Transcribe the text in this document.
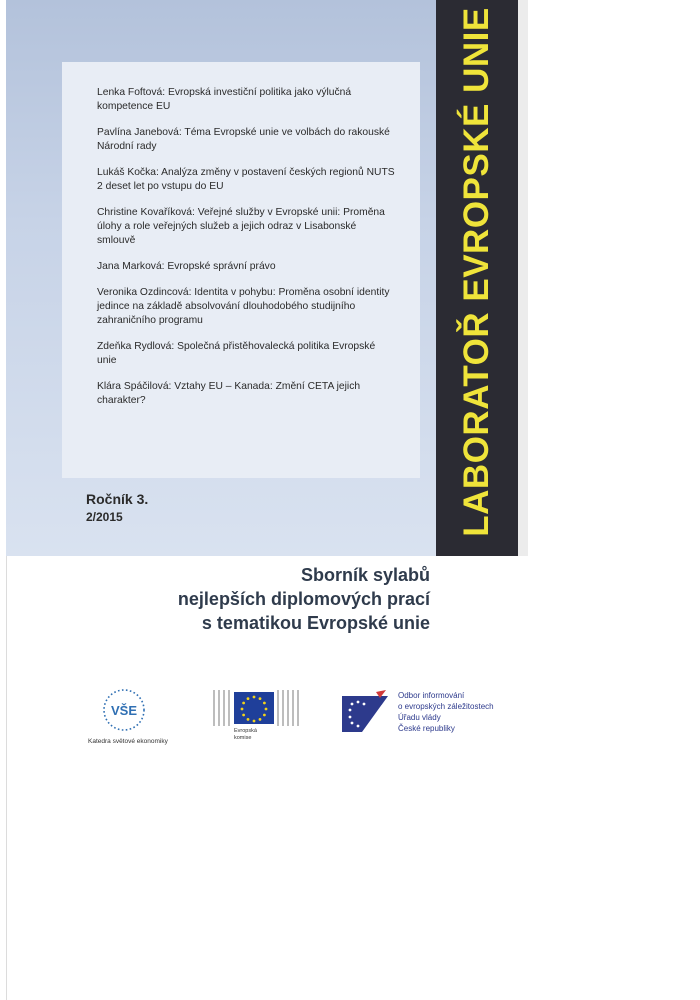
Lenka Foftová: Evropská investiční politika jako výlučná kompetence EU
Pavlína Janebová: Téma Evropské unie ve volbách do rakouské Národní rady
Lukáš Kočka: Analýza změny v postavení českých regionů NUTS 2 deset let po vstupu do EU
Christine Kovaříková: Veřejné služby v Evropské unii: Proměna úlohy a role veřejných služeb a jejich odraz v Lisabonské smlouvě
Jana Marková: Evropské správní právo
Veronika Ozdincová: Identita v pohybu: Proměna osobní identity jedince na základě absolvování dlouhodobého studijního zahraničního programu
Zdeňka Rydlová: Společná přistěhovalecká politika Evropské unie
Klára Spáčilová: Vztahy EU – Kanada: Změní CETA jejich charakter?
Ročník 3.
2/2015	LABORATOŘ EVROPSKÉ UNIE
Sborník sylabů
nejlepších diplomových prací
s tematikou Evropské unie
VŠE
Katedra světové ekonomiky
Evropská komise
Odbor informování
o evropských záležitostech
Úřadu vlády
České republiky
